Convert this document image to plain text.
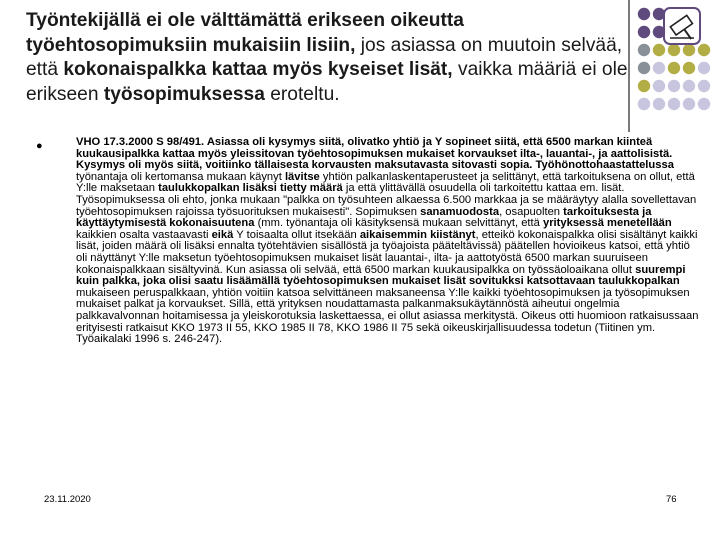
Työntekijällä ei ole välttämättä erikseen oikeutta työehtosopimuksiin mukaisiin lisiin, jos asiassa on muutoin selvää, että kokonaispalkka kattaa myös kyseiset lisät, vaikka määriä ei ole erikseen työsopimuksessa eroteltu.
●	VHO 17.3.2000 S 98/491. Asiassa oli kysymys siitä, olivatko yhtiö ja Y sopineet siitä, että 6500 markan kiinteä kuukausipalkka kattaa myös yleissitovan työehtosopimuksen mukaiset korvaukset ilta-, lauantai-, ja aattolisistä. Kysymys oli myös siitä, voitiinko tällaisesta korvausten maksutavasta sitovasti sopia. Työhönottohaastattelussa työnantaja oli kertomansa mukaan käynyt lävitse yhtiön palkanlaskentaperusteet ja selittänyt, että tarkoituksena on ollut, että Y:lle maksetaan taulukkopalkan lisäksi tietty määrä ja että ylittävällä osuudella oli tarkoitettu kattaa em. lisät. Työsopimuksessa oli ehto, jonka mukaan "palkka on työsuhteen alkaessa 6.500 markkaa ja se määräytyy alalla sovellettavan työehtosopimuksen rajoissa työsuorituksen mukaisesti". Sopimuksen sanamuodosta, osapuolten tarkoituksesta ja käyttäytymisestä kokonaisuutena (mm. työnantaja oli käsityksensä mukaan selvittänyt, että yrityksessä menetellään kaikkien osalta vastaavasti eikä Y toisaalta ollut itsekään aikaisemmin kiistänyt, etteikö kokonaispalkka olisi sisältänyt kaikki lisät, joiden määrä oli lisäksi ennalta työtehtävien sisällöstä ja työajoista pääteltävissä) päätellen hovioikeus katsoi, että yhtiö oli näyttänyt Y:lle maksetun työehtosopimuksen mukaiset lisät lauantai-, ilta- ja aattotyöstä 6500 markan suuruiseen kokonaispalkkaan sisältyvinä. Kun asiassa oli selvää, että 6500 markan kuukausipalkka on työssäoloaikana ollut suurempi kuin palkka, joka olisi saatu lisäämällä työehtosopimuksen mukaiset lisät sovitukksi katsottavaan taulukkopalkan mukaiseen peruspalkkaan, yhtiön voitiin katsoa selvittäneen maksaneensa Y:lle kaikki työehtosopimuksen ja työsopimuksen mukaiset palkat ja korvaukset. Sillä, että yrityksen noudattamasta palkanmaksukäytännöstä aiheutui ongelmia palkkavalvonnan hoitamisessa ja yleiskorotuksia laskettaessa, ei ollut asiassa merkitystä. Oikeus otti huomioon ratkaisussaan erityisesti ratkaisut KKO 1973 II 55, KKO 1985 II 78, KKO 1986 II 75 sekä oikeuskirjallisuudessa todetun (Tiitinen ym. Työaikalaki 1996 s. 246-247).
23.11.2020	76
